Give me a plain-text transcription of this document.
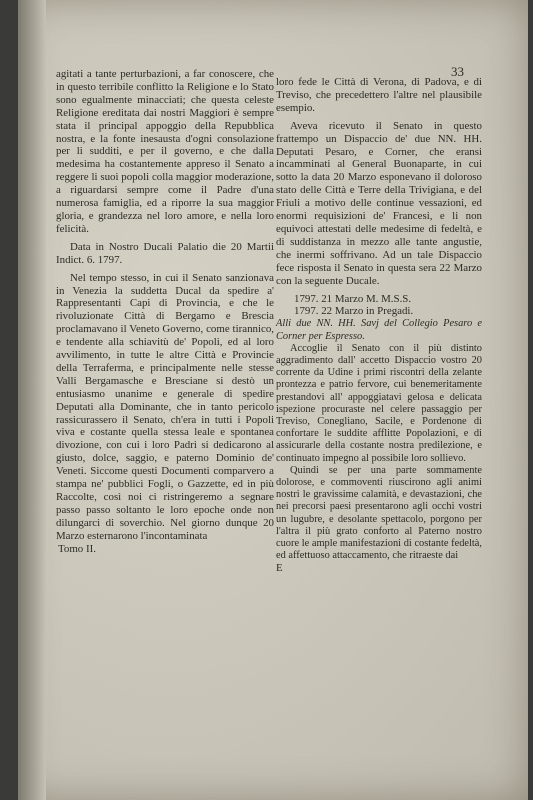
33

agitati a tante perturbazioni, a far conoscere, che in questo terribile conflitto la Religione e lo Stato sono egualmente minacciati; che questa celeste Religione ereditata dai nostri Maggiori è sempre stata il principal appoggio della Repubblica nostra, e la fonte inesausta d'ogni consolazione per li sudditi, e per il governo, e che dalla medesima ha costantemente appreso il Senato a reggere li suoi popoli colla maggior moderazione, a riguardarsi sempre come il Padre d'una numerosa famiglia, ed a riporre la sua maggior gloria, e grandezza nel loro amore, e nella loro felicità.

Data in Nostro Ducali Palatio die 20 Martii Indict. 6. 1797.

Nel tempo stesso, in cui il Senato sanzionava in Venezia la suddetta Ducal da spedire a' Rappresentanti Capi di Provincia, e che le rivoluzionate Città di Bergamo e Brescia proclamavano il Veneto Governo, come tirannico, e tendente alla schiavitù de' Popoli, ed al loro avvilimento, in tutte le altre Città e Provincie della Terraferma, e principalmente nelle stesse Valli Bergamasche e Bresciane si destò un entusiasmo unanime e generale di spedire Deputati alla Dominante, che in tanto pericolo rassicurassero il Senato, ch'era in tutti i Popoli viva e costante quella stessa leale e spontanea divozione, con cui i loro Padri si dedicarono al giusto, dolce, saggio, e paterno Dominio de' Veneti. Siccome questi Documenti comparvero a stampa ne' pubblici Fogli, o Gazzette, ed in più Raccolte, così noi ci ristringeremo a segnare passo passo soltanto le loro epoche onde non dilungarci di soverchio. Nel giorno dunque 20 Marzo esternarono l'incontaminata

Tomo II.

loro fede le Città di Verona, di Padova, e di Treviso, che precedettero l'altre nel plausibile esempio.

Aveva ricevuto il Senato in questo frattempo un Dispaccio de' due NN. HH. Deputati Pesaro, e Corner, che eransi incamminati al General Buonaparte, in cui sotto la data 20 Marzo esponevano il doloroso stato delle Città e Terre della Trivigiana, e del Friuli a motivo delle continue vessazioni, ed enormi requisizioni de' Francesi, e li non equivoci attestati delle medesime di fedeltà, e di suddistanza in mezzo alle tante angustie, che inermi soffrivano. Ad un tale Dispaccio fece risposta il Senato in questa sera 22 Marzo con la seguente Ducale.

1797. 21 Marzo M. M.S.S.

1797. 22 Marzo in Pregadi.

Alli due NN. HH. Savj del Collegio Pesaro e Corner per Espresso.

Accoglie il Senato con il più distinto aggradimento dall' accetto Dispaccio vostro 20 corrente da Udine i primi riscontri della zelante prontezza e patrio fervore, cui benemeritamente prestandovi all' appoggiatavi gelosa e delicata ispezione procuraste nel celere passaggio per Treviso, Conegliano, Sacile, e Pordenone di confortare le suddite afflitte Popolazioni, e di assicurarle della costante nostra predilezione, e continuato impegno al possibile loro sollievo.

Quindi se per una parte sommamente dolorose, e commoventi riuscirono agli animi nostri le gravissime calamità, e devastazioni, che nei precorsi paesi presentarono agli occhi vostri un lugubre, e desolante spettacolo, porgono per l'altra il più grato conforto al Paterno nostro cuore le ample manifestazioni di costante fedeltà, ed affettuoso attaccamento, che ritraeste dai

E
